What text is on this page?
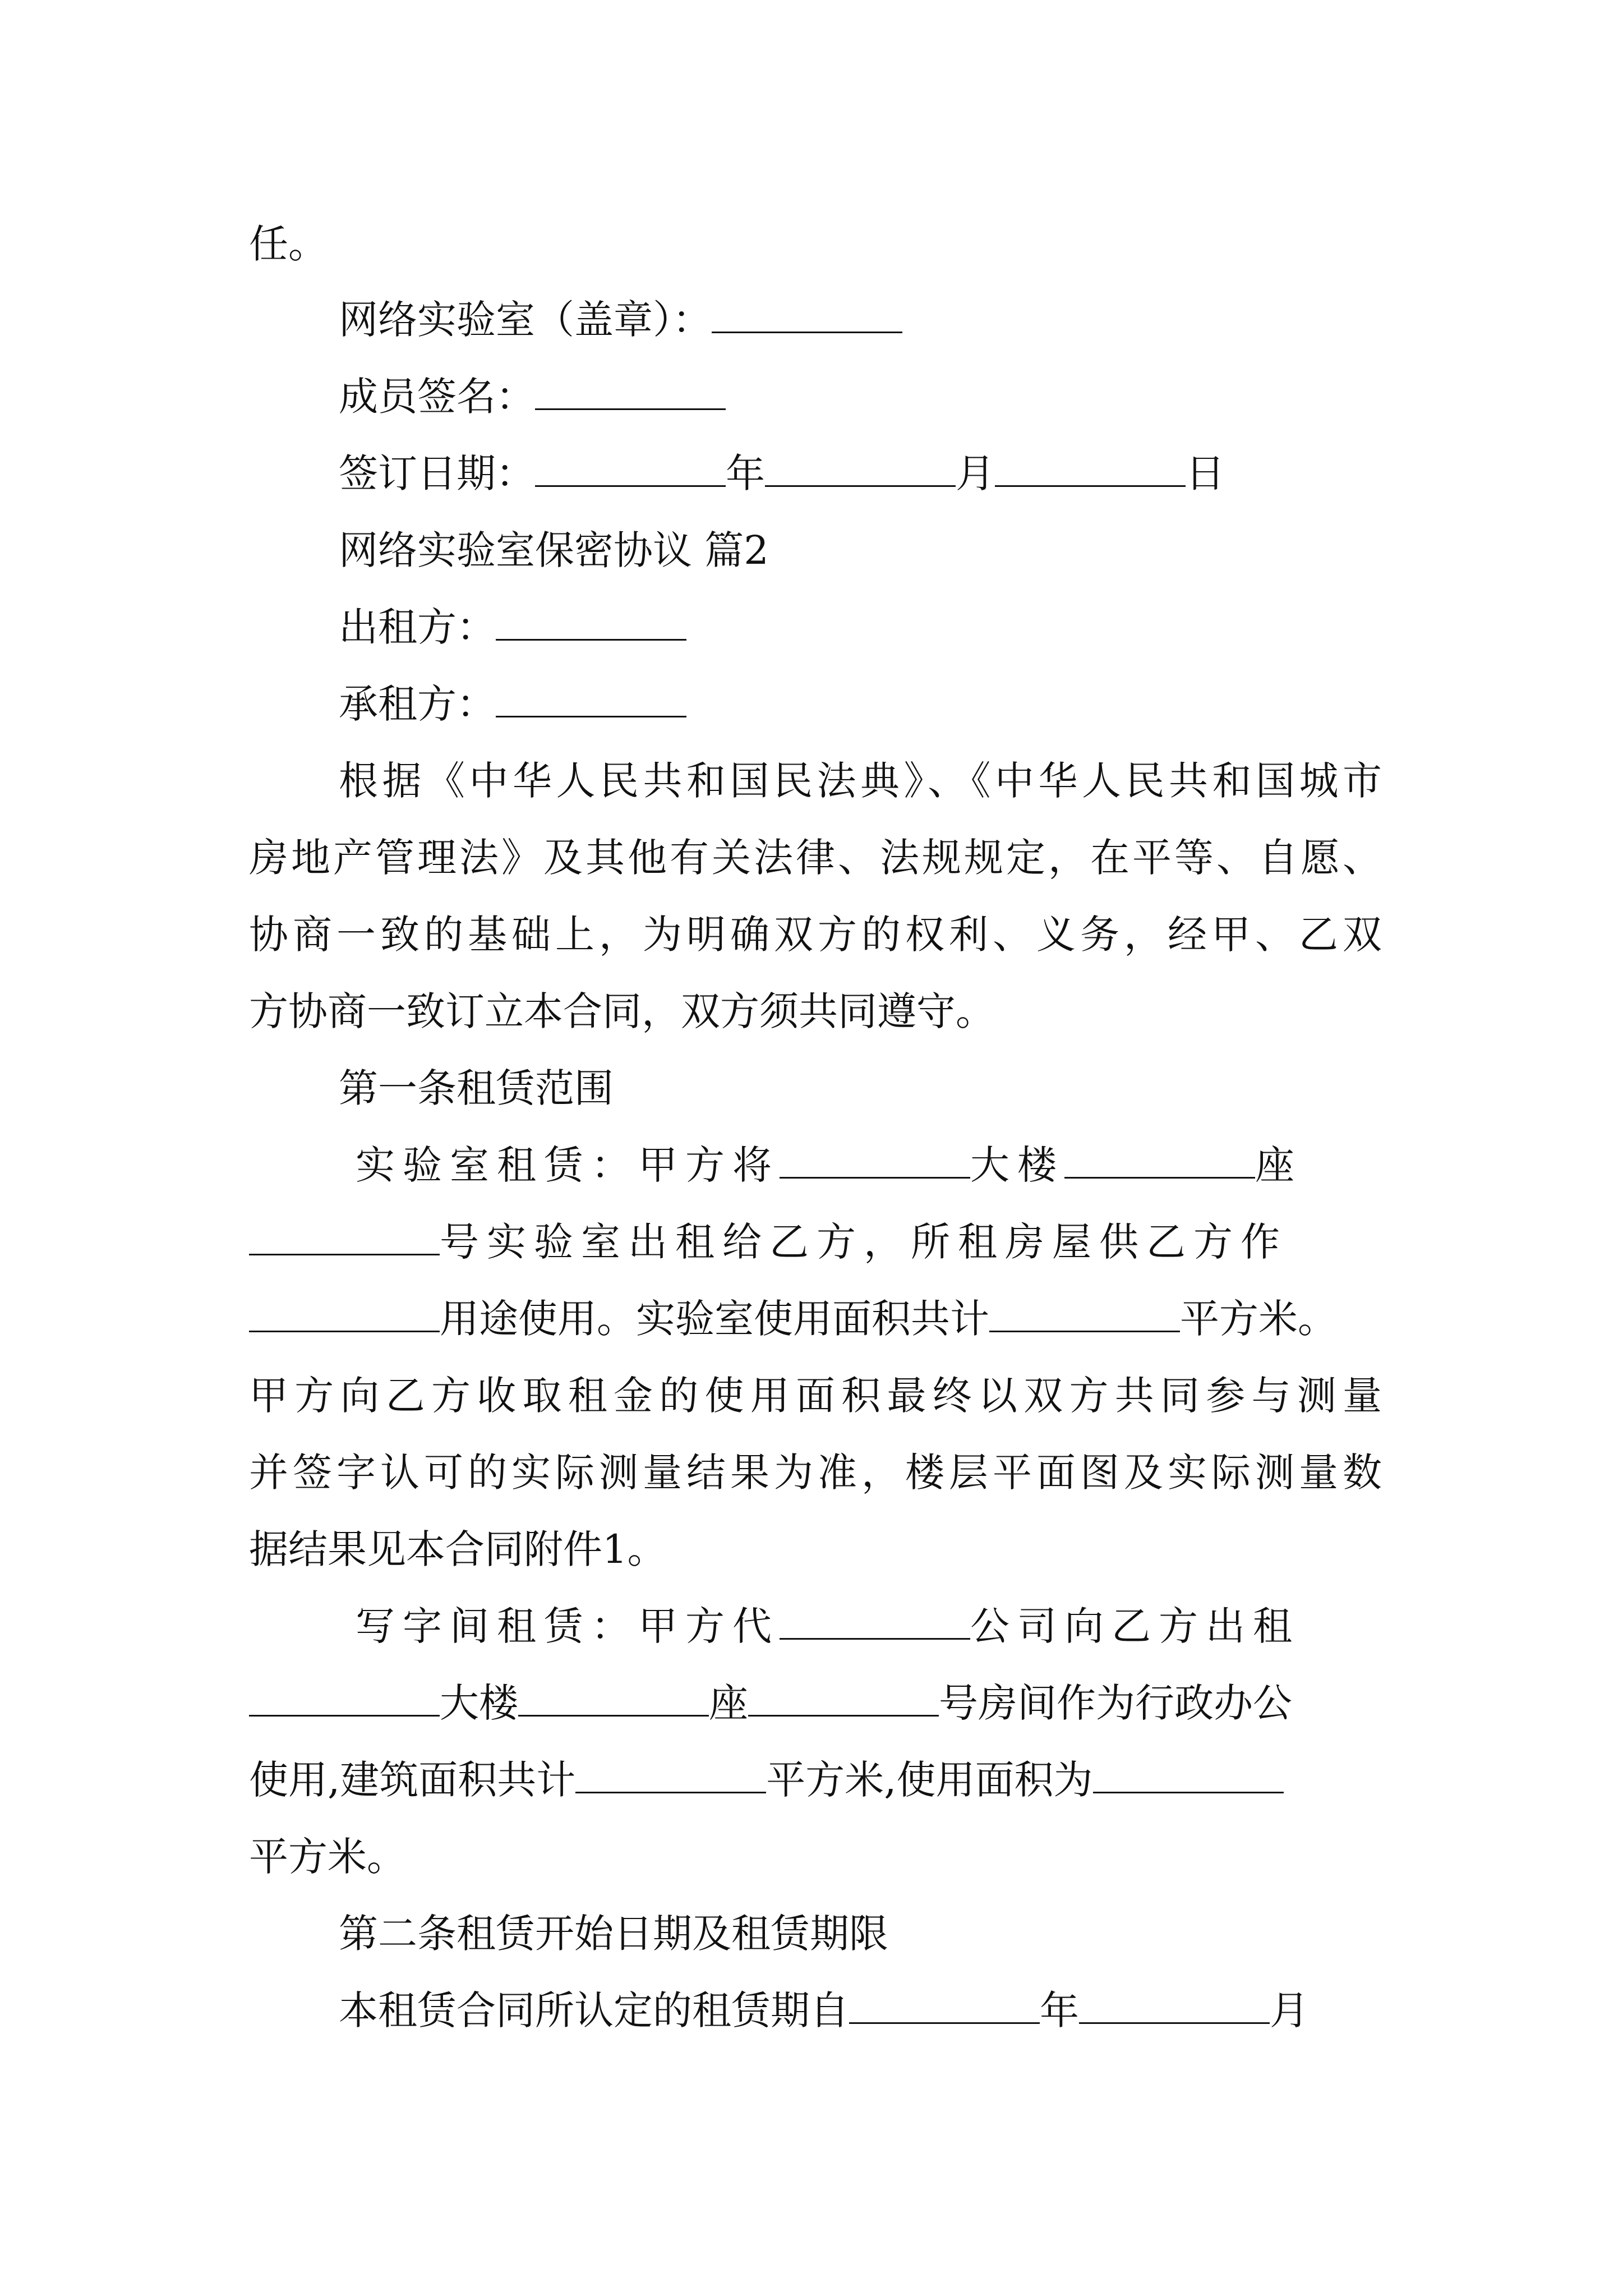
任。
网络实验室（盖章）：
成员签名：
签订日期：	年	月	日
网络实验室保密协议 篇2
出租方：
承租方：
根据《中华人民共和国民法典》、《中华人民共和国城市
房地产管理法》及其他有关法律、法规规定，在平等、自愿、
协商一致的基础上，为明确双方的权利、义务，经甲、乙双
方协商一致订立本合同，双方须共同遵守。
第一条租赁范围
实验室租赁：甲方将	大楼	座
号实验室出租给乙方，所租房屋供乙方作
用途使用。实验室使用面积共计	平方米。
甲方向乙方收取租金的使用面积最终以双方共同参与测量
并签字认可的实际测量结果为准，楼层平面图及实际测量数
据结果见本合同附件1。
写字间租赁：甲方代	公司向乙方出租
大楼	座	号房间作为行政办公
使用,建筑面积共计	平方米,使用面积为
平方米。
第二条租赁开始日期及租赁期限
本租赁合同所认定的租赁期自	年	月
